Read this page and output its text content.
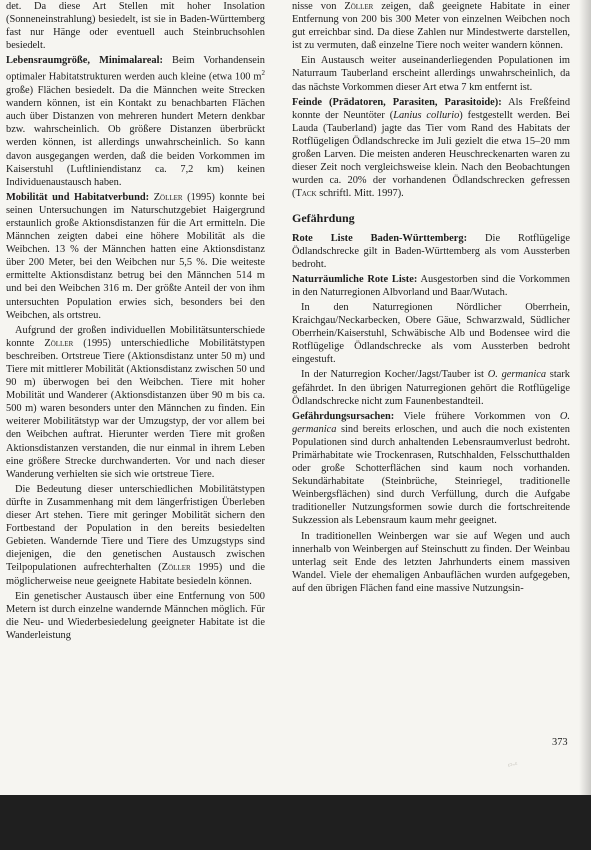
det. Da diese Art Stellen mit hoher Insolation (Sonneneinstrahlung) besiedelt, ist sie in Baden-Württemberg fast nur Hänge oder eventuell auch Steinbruchsohlen besiedelt.

Lebensraumgröße, Minimalareal: Beim Vorhandensein optimaler Habitatstrukturen werden auch kleine (etwa 100 $m^2$ große) Flächen besiedelt. Da die Männchen weite Strecken wandern können, ist ein Kontakt zu benachbarten Flächen auch über Distanzen von mehreren hundert Metern denkbar bzw. wahrscheinlich. Ob größere Distanzen überbrückt werden können, ist allerdings unwahrscheinlich. So kann davon ausgegangen werden, daß die beiden Vorkommen im Kaiserstuhl (Luftliniendistanz ca. 7,2 km) keinen Individuenaustausch haben.

Mobilität und Habitatverbund: Zöller (1995) konnte bei seinen Untersuchungen im Naturschutzgebiet Haigergrund erstaunlich große Aktionsdistanzen für die Art ermitteln. Die Männchen zeigten dabei eine höhere Mobilität als die Weibchen. 13 % der Männchen hatten eine Aktionsdistanz über 200 Meter, bei den Weibchen nur 5,5 %. Die weiteste ermittelte Aktionsdistanz betrug bei den Männchen 514 m und bei den Weibchen 316 m. Der größte Anteil der von ihm untersuchten Population erwies sich, besonders bei den Weibchen, als ortstreu.

Aufgrund der großen individuellen Mobilitätsunterschiede konnte Zöller (1995) unterschiedliche Mobilitätstypen beschreiben. Ortstreue Tiere (Aktionsdistanz unter 50 m) und Tiere mit mittlerer Mobilität (Aktionsdistanz zwischen 50 und 90 m) überwogen bei den Weibchen. Tiere mit hoher Mobilität und Wanderer (Aktionsdistanzen über 90 m bis ca. 500 m) waren besonders unter den Männchen zu finden. Ein weiterer Mobilitätstyp war der Umzugstyp, der vor allem bei den Weibchen auftrat. Hierunter werden Tiere mit großen Aktionsdistanzen verstanden, die nur einmal in ihrem Leben eine größere Strecke durchwanderten. Vor und nach dieser Wanderung verhielten sie sich wie ortstreue Tiere.

Die Bedeutung dieser unterschiedlichen Mobilitätstypen dürfte in Zusammenhang mit dem längerfristigen Überleben dieser Art stehen. Tiere mit geringer Mobilität sichern den Fortbestand der Population in den bereits besiedelten Gebieten. Wandernde Tiere und Tiere des Umzugstyps sind diejenigen, die den genetischen Austausch zwischen Teilpopulationen aufrechterhalten (Zöller 1995) und die möglicherweise neue geeignete Habitate besiedeln können.

Ein genetischer Austausch über eine Entfernung von 500 Metern ist durch einzelne wandernde Männchen möglich. Für die Neu- und Wiederbesiedelung geeigneter Habitate ist die Wanderleistung

nisse von Zöller zeigen, daß geeignete Habitate in einer Entfernung von 200 bis 300 Meter von einzelnen Weibchen noch gut erreichbar sind. Da diese Zahlen nur Mindestwerte darstellen, ist zu vermuten, daß einzelne Tiere noch weiter wandern können.

Ein Austausch weiter auseinanderliegenden Populationen im Naturraum Tauberland erscheint allerdings unwahrscheinlich, da das nächste Vorkommen dieser Art etwa 7 km entfernt ist.

Feinde (Prädatoren, Parasiten, Parasitoide): Als Freßfeind konnte der Neuntöter (Lanius collurio) festgestellt werden. Bei Lauda (Tauberland) jagte das Tier vom Rand des Habitats der Rotflügeligen Ödlandschrecke im Juli gezielt die etwa 15–20 mm großen Larven. Die meisten anderen Heuschreckenarten waren zu dieser Zeit noch vergleichsweise klein. Nach den Beobachtungen wurden ca. 20% der vorhandenen Ödlandschrecken gefressen (Tack schriftl. Mitt. 1997).

Gefährdung

Rote Liste Baden-Württemberg: Die Rotflügelige Ödlandschrecke gilt in Baden-Württemberg als vom Aussterben bedroht.

Naturräumliche Rote Liste: Ausgestorben sind die Vorkommen in den Naturregionen Albvorland und Baar/Wutach.

In den Naturregionen Nördlicher Oberrhein, Kraichgau/Neckarbecken, Obere Gäue, Schwarzwald, Südlicher Oberrhein/Kaiserstuhl, Schwäbische Alb und Bodensee wird die Rotflügelige Ödlandschrecke als vom Aussterben bedroht eingestuft.

In der Naturregion Kocher/Jagst/Tauber ist O. germanica stark gefährdet. In den übrigen Naturregionen gehört die Rotflügelige Ödlandschrecke nicht zum Faunenbestandteil.

Gefährdungsursachen: Viele frühere Vorkommen von O. germanica sind bereits erloschen, und auch die noch existenten Populationen sind durch anhaltenden Lebensraumverlust bedroht. Primärhabitate wie Trockenrasen, Rutschhalden, Felsschutthalden oder große Schotterflächen sind kaum noch vorhanden. Sekundärhabitate (Steinbrüche, Steinriegel, traditionelle Weinbergsflächen) sind durch Verfüllung, durch die Aufgabe traditioneller Nutzungsformen sowie durch die fortschreitende Sukzession als Lebensraum kaum mehr geeignet.

In traditionellen Weinbergen war sie auf Wegen und auch innerhalb von Weinbergen auf Steinschutt zu finden. Der Weinbau unterlag seit Ende des letzten Jahrhunderts einem massiven Wandel. Viele der ehemaligen Anbauflächen wurden aufgegeben, auf den übrigen Flächen fand eine massive Nutzungsin-

373
ᵋᵓ·ᵋ
